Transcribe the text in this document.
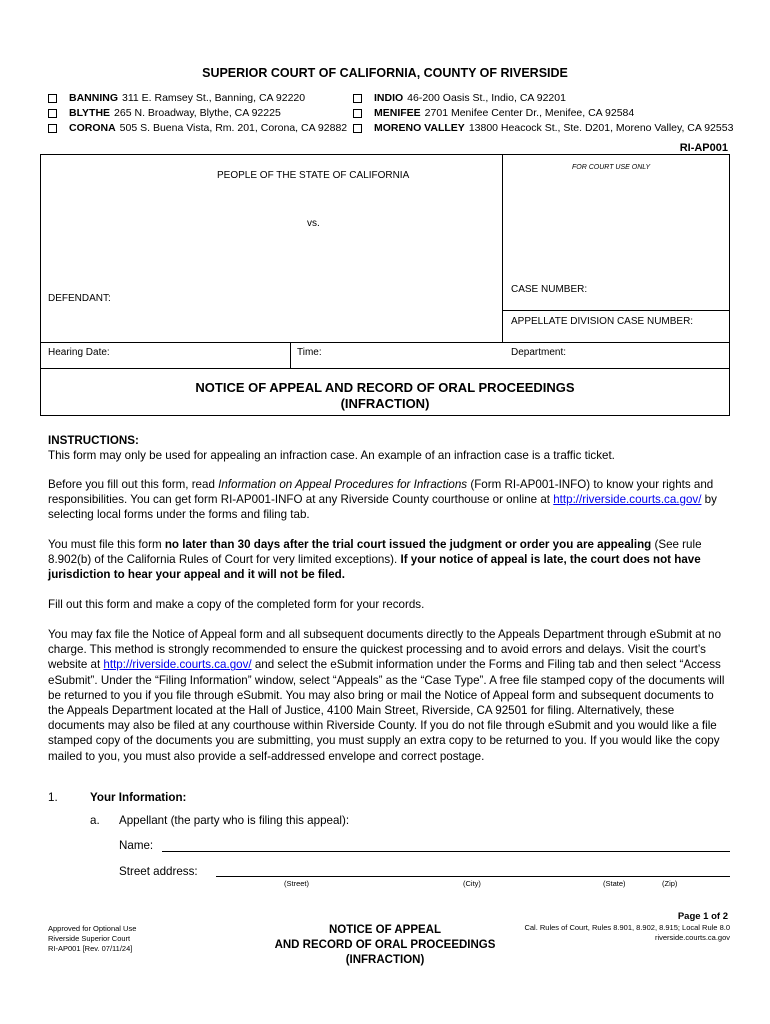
SUPERIOR COURT OF CALIFORNIA, COUNTY OF RIVERSIDE
BANNING 311 E. Ramsey St., Banning, CA 92220
BLYTHE 265 N. Broadway, Blythe, CA 92225
CORONA 505 S. Buena Vista, Rm. 201, Corona, CA 92882
INDIO 46-200 Oasis St., Indio, CA 92201
MENIFEE 2701 Menifee Center Dr., Menifee, CA 92584
MORENO VALLEY 13800 Heacock St., Ste. D201, Moreno Valley, CA 92553
RI-AP001
PEOPLE OF THE STATE OF CALIFORNIA
vs.
DEFENDANT:
FOR COURT USE ONLY
CASE NUMBER:
APPELLATE DIVISION CASE NUMBER:
Hearing Date:	Time:	Department:
NOTICE OF APPEAL AND RECORD OF ORAL PROCEEDINGS
(INFRACTION)
INSTRUCTIONS:
This form may only be used for appealing an infraction case. An example of an infraction case is a traffic ticket.
Before you fill out this form, read Information on Appeal Procedures for Infractions (Form RI-AP001-INFO) to know your rights and responsibilities. You can get form RI-AP001-INFO at any Riverside County courthouse or online at http://riverside.courts.ca.gov/ by selecting local forms under the forms and filing tab.
You must file this form no later than 30 days after the trial court issued the judgment or order you are appealing (See rule 8.902(b) of the California Rules of Court for very limited exceptions). If your notice of appeal is late, the court does not have jurisdiction to hear your appeal and it will not be filed.
Fill out this form and make a copy of the completed form for your records.
You may fax file the Notice of Appeal form and all subsequent documents directly to the Appeals Department through eSubmit at no charge. This method is strongly recommended to ensure the quickest processing and to avoid errors and delays. Visit the court’s website at http://riverside.courts.ca.gov/ and select the eSubmit information under the Forms and Filing tab and then select “Access eSubmit”. Under the “Filing Information” window, select “Appeals” as the “Case Type”. A free file stamped copy of the documents will be returned to you if you file through eSubmit. You may also bring or mail the Notice of Appeal form and subsequent documents to the Appeals Department located at the Hall of Justice, 4100 Main Street, Riverside, CA 92501 for filing. Alternatively, these documents may also be filed at any courthouse within Riverside County. If you do not file through eSubmit and you would like a file stamped copy of the documents you are submitting, you must supply an extra copy to be returned to you. If you would like the copy mailed to you, you must also provide a self-addressed envelope and correct postage.
1.	Your Information:
a.	Appellant (the party who is filing this appeal):
Name:
Street address:
(Street)	(City)	(State)	(Zip)
Approved for Optional Use
Riverside Superior Court
RI-AP001 [Rev. 07/11/24]
NOTICE OF APPEAL
AND RECORD OF ORAL PROCEEDINGS
(INFRACTION)
Page 1 of 2
Cal. Rules of Court, Rules 8.901, 8.902, 8.915; Local Rule 8.0
riverside.courts.ca.gov
